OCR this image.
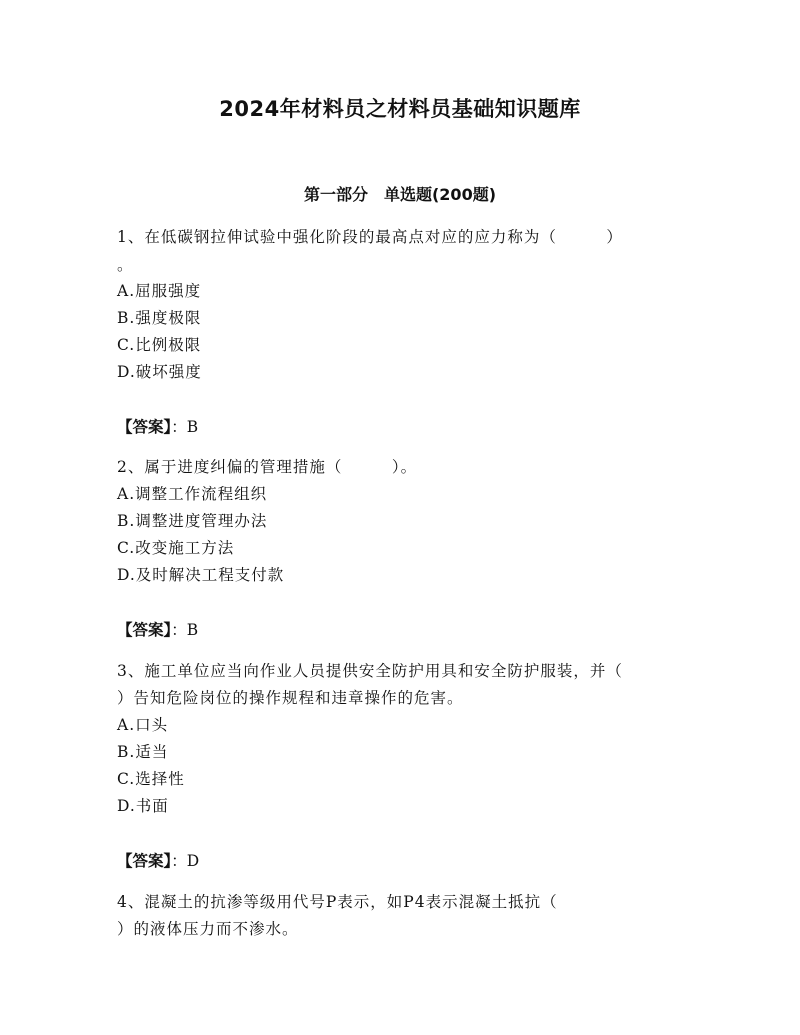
2024年材料员之材料员基础知识题库
第一部分　单选题(200题)
1、在低碳钢拉伸试验中强化阶段的最高点对应的应力称为（　　　）
。
A.屈服强度
B.强度极限
C.比例极限
D.破坏强度
【答案】：B
2、属于进度纠偏的管理措施（　　　）。
A.调整工作流程组织
B.调整进度管理办法
C.改变施工方法
D.及时解决工程支付款
【答案】：B
3、施工单位应当向作业人员提供安全防护用具和安全防护服装，并（
）告知危险岗位的操作规程和违章操作的危害。
A.口头
B.适当
C.选择性
D.书面
【答案】：D
4、混凝土的抗渗等级用代号P表示，如P4表示混凝土抵抗（
）的液体压力而不渗水。
